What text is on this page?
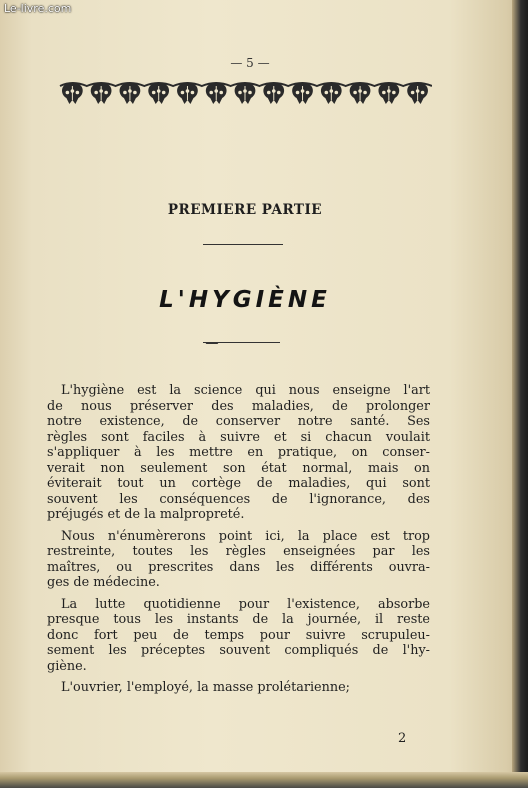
Le-livre.com
— 5 —
PREMIERE PARTIE
L'HYGIÈNE
L'hygiène est la science qui nous enseigne l'art
de nous préserver des maladies, de prolonger
notre existence, de conserver notre santé. Ses
règles sont faciles à suivre et si chacun voulait
s'appliquer à les mettre en pratique, on conser-
verait non seulement son état normal, mais on
éviterait tout un cortège de maladies, qui sont
souvent les conséquences de l'ignorance, des
préjugés et de la malpropreté.
Nous n'énumèrerons point ici, la place est trop
restreinte, toutes les règles enseignées par les
maîtres, ou prescrites dans les différents ouvra-
ges de médecine.
La lutte quotidienne pour l'existence, absorbe
presque tous les instants de la journée, il reste
donc fort peu de temps pour suivre scrupuleu-
sement les préceptes souvent compliqués de l'hy-
giène.
L'ouvrier, l'employé, la masse prolétarienne;
2
